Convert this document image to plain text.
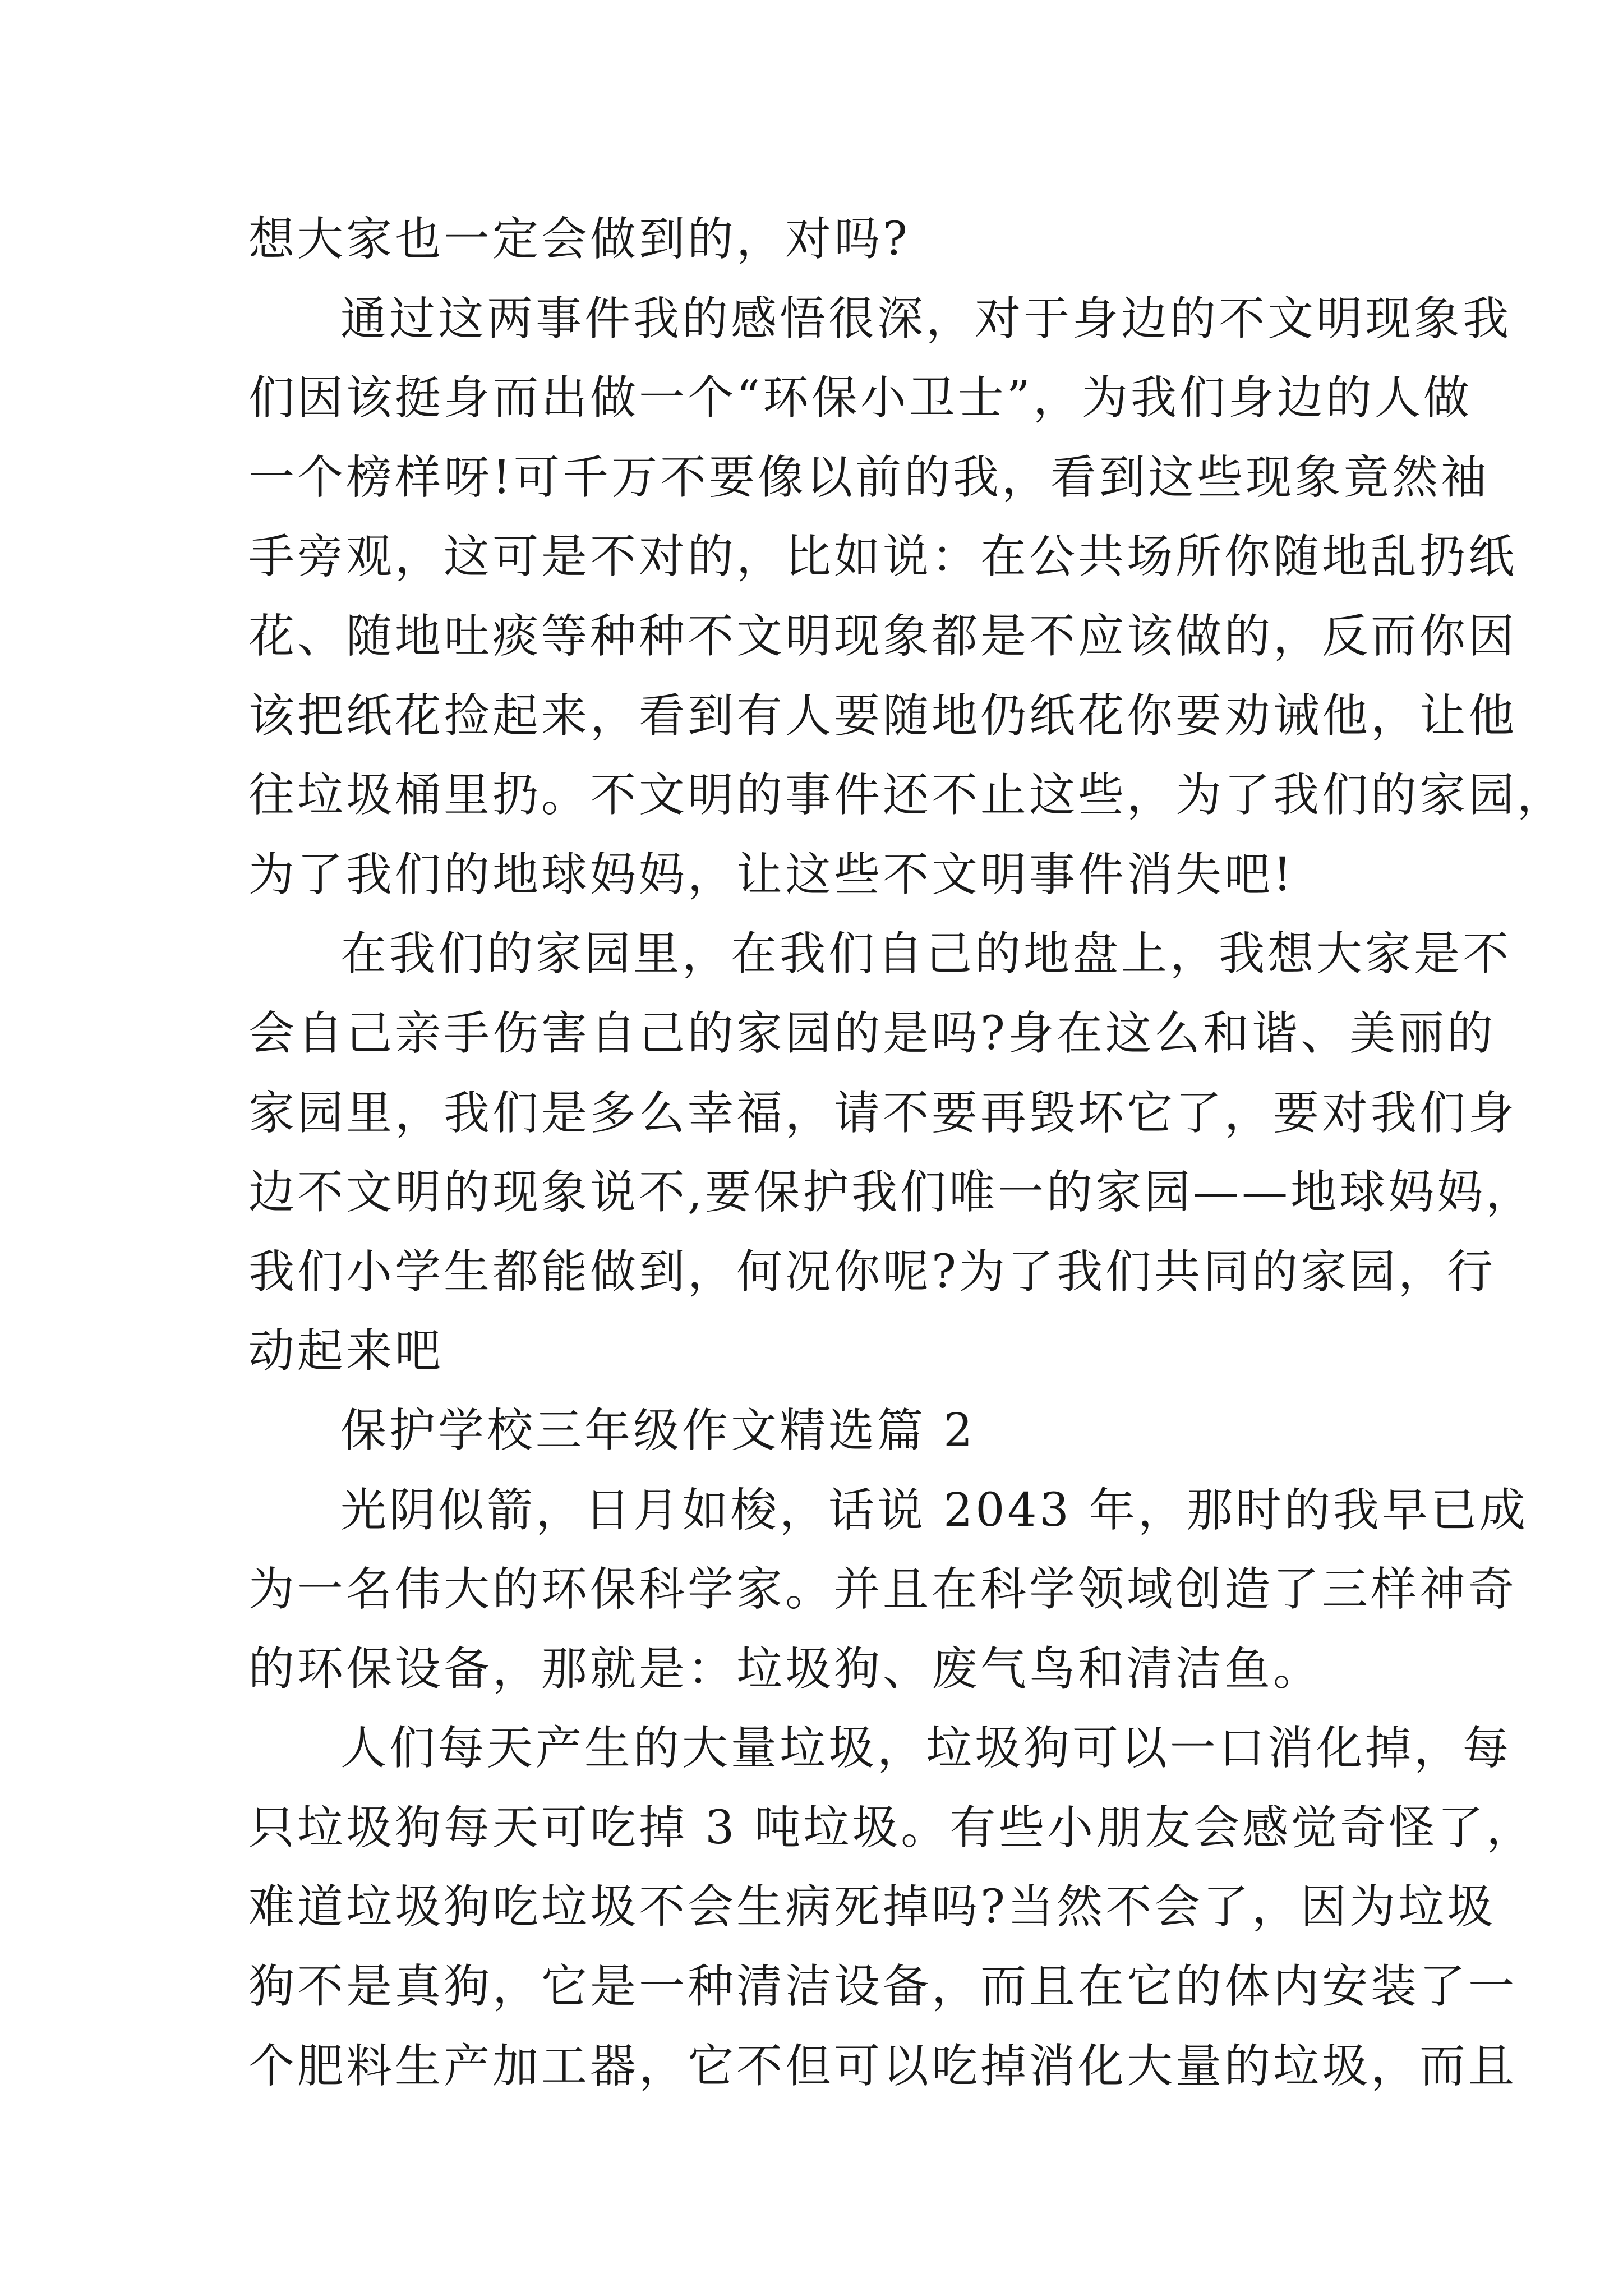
想大家也一定会做到的，对吗?
通过这两事件我的感悟很深，对于身边的不文明现象我
们因该挺身而出做一个“环保小卫士”，为我们身边的人做
一个榜样呀!可千万不要像以前的我，看到这些现象竟然袖
手旁观，这可是不对的，比如说：在公共场所你随地乱扔纸
花、随地吐痰等种种不文明现象都是不应该做的，反而你因
该把纸花捡起来，看到有人要随地仍纸花你要劝诫他，让他
往垃圾桶里扔。不文明的事件还不止这些，为了我们的家园，
为了我们的地球妈妈，让这些不文明事件消失吧!
在我们的家园里，在我们自己的地盘上，我想大家是不
会自己亲手伤害自己的家园的是吗?身在这么和谐、美丽的
家园里，我们是多么幸福，请不要再毁坏它了，要对我们身
边不文明的现象说不,要保护我们唯一的家园——地球妈妈，
我们小学生都能做到，何况你呢?为了我们共同的家园，行
动起来吧
保护学校三年级作文精选篇 2
光阴似箭，日月如梭，话说 2043 年，那时的我早已成
为一名伟大的环保科学家。并且在科学领域创造了三样神奇
的环保设备，那就是：垃圾狗、废气鸟和清洁鱼。
人们每天产生的大量垃圾，垃圾狗可以一口消化掉，每
只垃圾狗每天可吃掉 3 吨垃圾。有些小朋友会感觉奇怪了，
难道垃圾狗吃垃圾不会生病死掉吗?当然不会了，因为垃圾
狗不是真狗，它是一种清洁设备，而且在它的体内安装了一
个肥料生产加工器，它不但可以吃掉消化大量的垃圾，而且
